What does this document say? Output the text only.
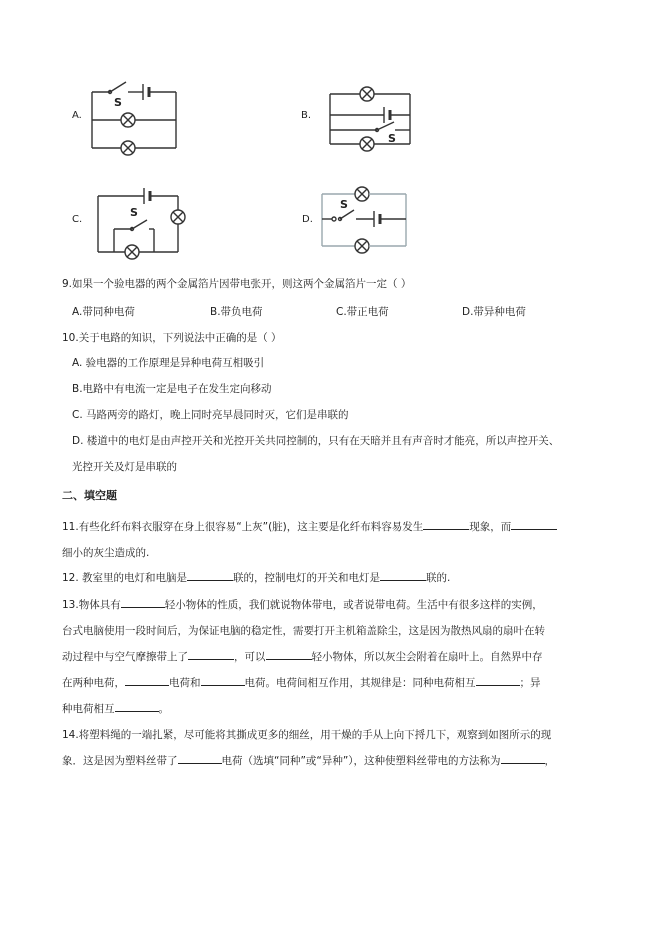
A.
S
B.
S
C.
S
D.
S
9.如果一个验电器的两个金属箔片因带电张开，则这两个金属箔片一定（ ）
A.带同种电荷	B.带负电荷	C.带正电荷	D.带异种电荷
10.关于电路的知识，下列说法中正确的是（ ）
A. 验电器的工作原理是异种电荷互相吸引
B.电路中有电流一定是电子在发生定向移动
C. 马路两旁的路灯，晚上同时亮早晨同时灭，它们是串联的
D. 楼道中的电灯是由声控开关和光控开关共同控制的，只有在天暗并且有声音时才能亮，所以声控开关、
光控开关及灯是串联的
二、填空题
11.有些化纤布料衣服穿在身上很容易“上灰”(脏)，这主要是化纤布料容易发生	现象，而
细小的灰尘造成的.
12. 教室里的电灯和电脑是	联的，控制电灯的开关和电灯是	联的.
13.物体具有	轻小物体的性质，我们就说物体带电，或者说带电荷。生活中有很多这样的实例，
台式电脑使用一段时间后，为保证电脑的稳定性，需要打开主机箱盖除尘，这是因为散热风扇的扇叶在转
动过程中与空气摩擦带上了	，可以	轻小物体，所以灰尘会附着在扇叶上。自然界中存
在两种电荷，	电荷和	电荷。电荷间相互作用，其规律是：同种电荷相互	；异
种电荷相互	。
14.将塑料绳的一端扎紧，尽可能将其撕成更多的细丝，用干燥的手从上向下捋几下，观察到如图所示的现
象．这是因为塑料丝带了	电荷（选填“同种”或“异种”），这种使塑料丝带电的方法称为	，
